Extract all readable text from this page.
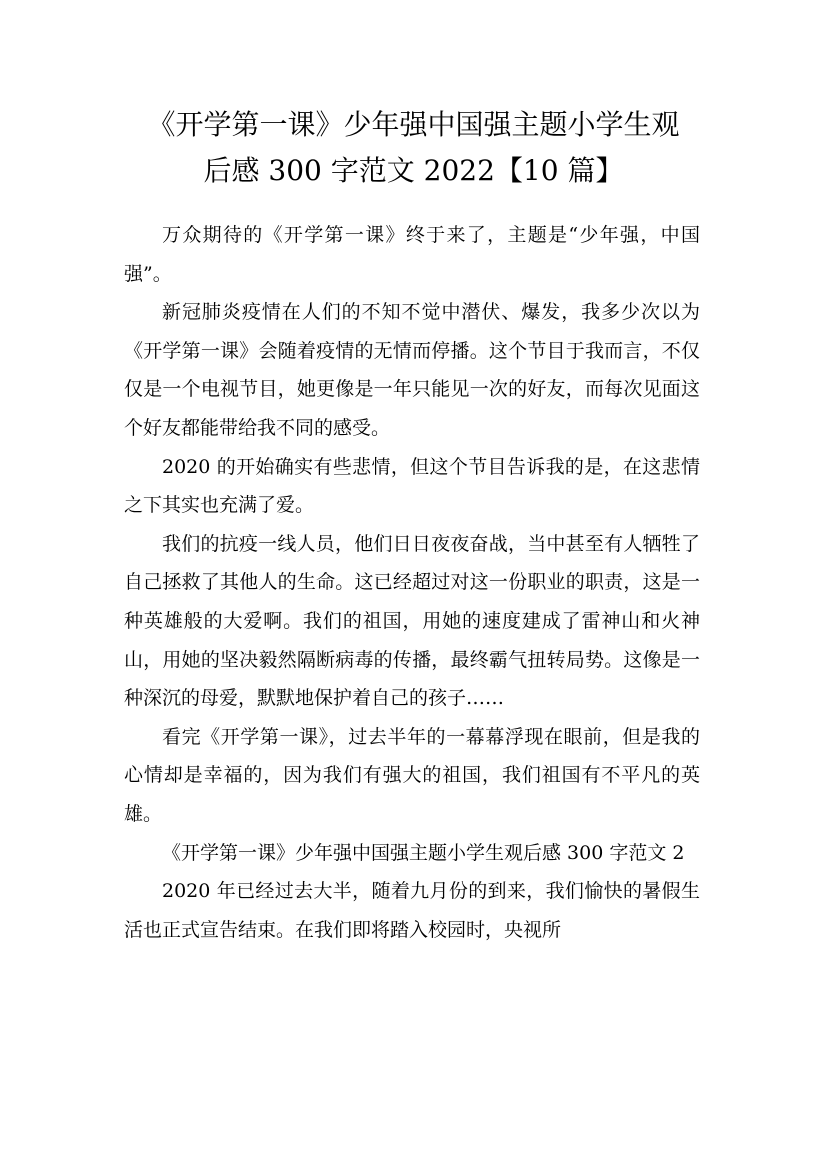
《开学第一课》少年强中国强主题小学生观
后感 300 字范文 2022【10 篇】

万众期待的《开学第一课》终于来了，主题是“少年强，中国强”。

新冠肺炎疫情在人们的不知不觉中潜伏、爆发，我多少次以为《开学第一课》会随着疫情的无情而停播。这个节目于我而言，不仅仅是一个电视节目，她更像是一年只能见一次的好友，而每次见面这个好友都能带给我不同的感受。

2020 的开始确实有些悲情，但这个节目告诉我的是，在这悲情之下其实也充满了爱。

我们的抗疫一线人员，他们日日夜夜奋战，当中甚至有人牺牲了自己拯救了其他人的生命。这已经超过对这一份职业的职责，这是一种英雄般的大爱啊。我们的祖国，用她的速度建成了雷神山和火神山，用她的坚决毅然隔断病毒的传播，最终霸气扭转局势。这像是一种深沉的母爱，默默地保护着自己的孩子……

看完《开学第一课》，过去半年的一幕幕浮现在眼前，但是我的心情却是幸福的，因为我们有强大的祖国，我们祖国有不平凡的英雄。

《开学第一课》少年强中国强主题小学生观后感 300 字范文 2

2020 年已经过去大半，随着九月份的到来，我们愉快的暑假生活也正式宣告结束。在我们即将踏入校园时，央视所
